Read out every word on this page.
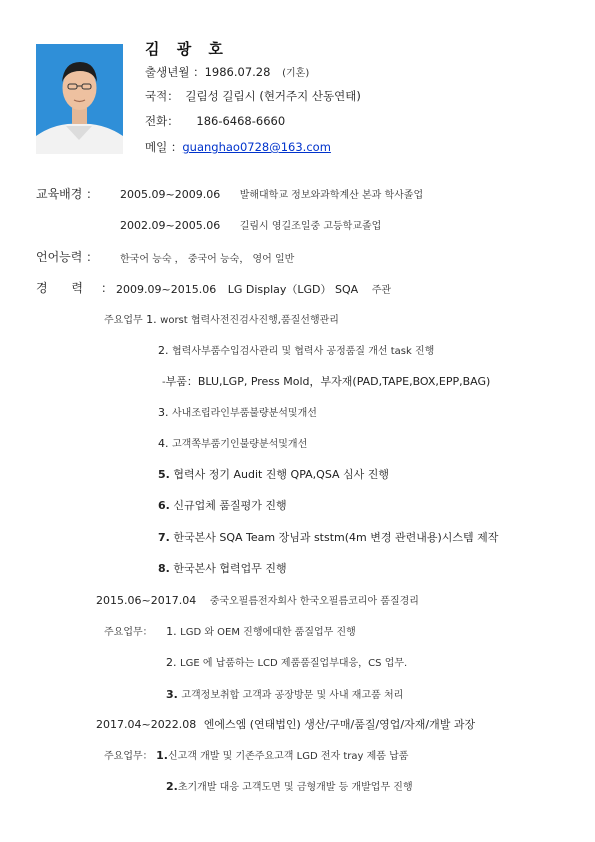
김 광 호
출생년월 ：1986.07.28 (기혼)
국적： 길림성 길림시 (현거주지 산동연태)
전화： 186-6468-6660
메일 ：guanghao0728@163.com
교육배경 ： 2005.09~2009.06 발해대학교 정보와과학계산 본과 학사졸업
2002.09~2005.06 길림시 영길조일중 고등학교졸업
언어능력 ： 한국어 능숙 ， 중국어 능숙， 영어 일반
경 력 ： 2009.09~2015.06 LG Display（LGD） SQA 주관
주요업무 1. worst 협력사전진검사진행,품질선행관리
2. 협력사부품수입검사관리 및 협력사 공정품질 개선 task 진행
-부품：BLU,LGP, Press Mold，부자재(PAD,TAPE,BOX,EPP,BAG)
3. 사내조립라인부품불량분석및개선
4. 고객쪽부품기인불량분석및개선
5. 협력사 정기 Audit 진행 QPA,QSA 심사 진행
6. 신규업체 품질평가 진행
7. 한국본사 SQA Team 장님과 ststm(4m 변경 관련내용)시스템 제작
8. 한국본사 협력업무 진행
2015.06~2017.04 중국오필름전자회사 한국오필름코리아 품질경리
주요업무： 1. LGD 와 OEM 진행에대한 품질업무 진행
2. LGE 에 납품하는 LCD 제품품질업부대응，CS 업무.
3. 고객정보취합 고객과 공장방문 및 사내 재고품 처리
2017.04~2022.08 엔에스엠 (연태법인) 생산/구매/품질/영업/자재/개발 과장
주요업무： 1.신고객 개발 및 기존주요고객 LGD 전자 tray 제품 납품
2.초기개발 대응 고객도면 및 금형개발 등 개발업무 진행
